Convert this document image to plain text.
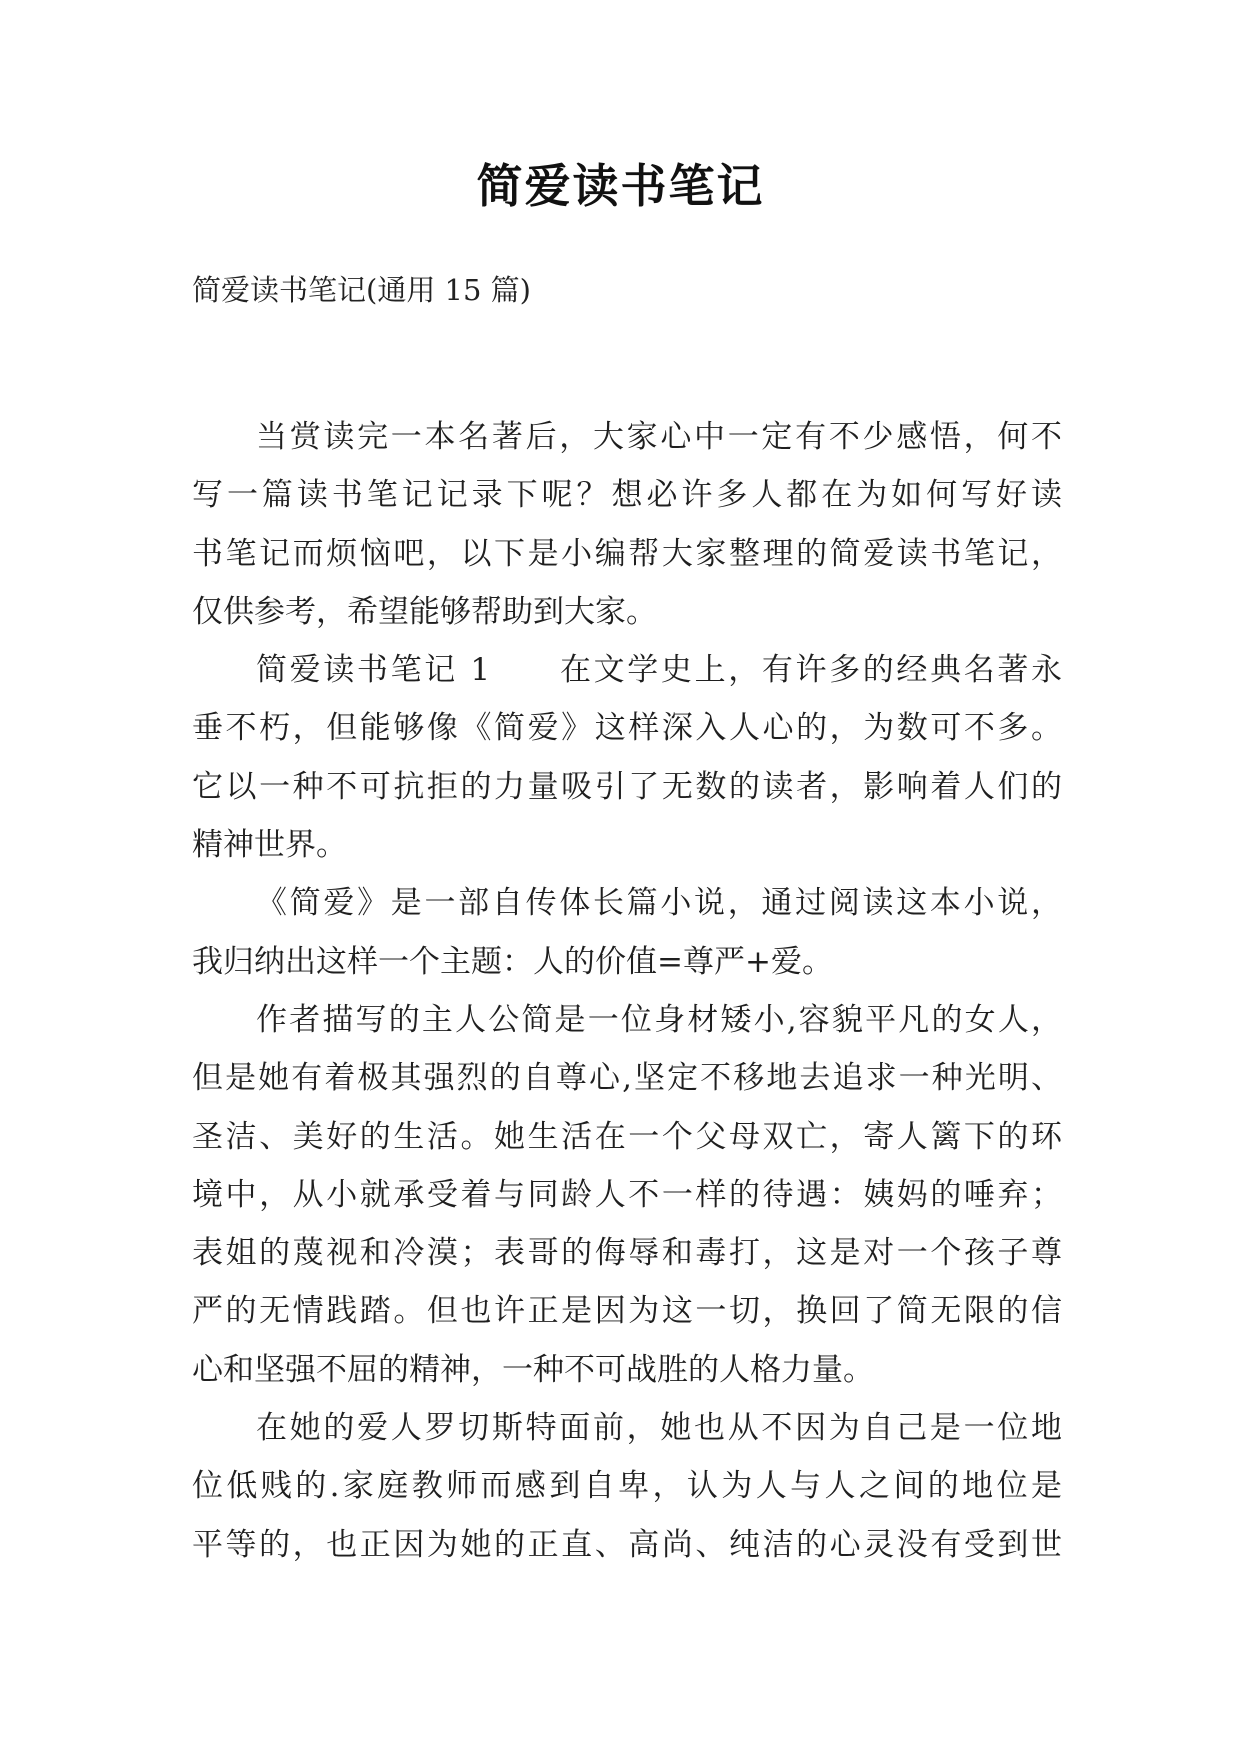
简爱读书笔记

简爱读书笔记(通用 15 篇)

当赏读完一本名著后，大家心中一定有不少感悟，何不
写一篇读书笔记记录下呢？想必许多人都在为如何写好读
书笔记而烦恼吧，以下是小编帮大家整理的简爱读书笔记，
仅供参考，希望能够帮助到大家。
简爱读书笔记 1　　在文学史上，有许多的经典名著永
垂不朽，但能够像《简爱》这样深入人心的，为数可不多。
它以一种不可抗拒的力量吸引了无数的读者，影响着人们的
精神世界。
《简爱》是一部自传体长篇小说，通过阅读这本小说，
我归纳出这样一个主题：人的价值=尊严+爱。
作者描写的主人公简是一位身材矮小,容貌平凡的女人，
但是她有着极其强烈的自尊心,坚定不移地去追求一种光明、
圣洁、美好的生活。她生活在一个父母双亡，寄人篱下的环
境中，从小就承受着与同龄人不一样的待遇：姨妈的唾弃；
表姐的蔑视和冷漠；表哥的侮辱和毒打，这是对一个孩子尊
严的无情践踏。但也许正是因为这一切，换回了简无限的信
心和坚强不屈的精神，一种不可战胜的人格力量。
在她的爱人罗切斯特面前，她也从不因为自己是一位地
位低贱的.家庭教师而感到自卑，认为人与人之间的地位是
平等的，也正因为她的正直、高尚、纯洁的心灵没有受到世
